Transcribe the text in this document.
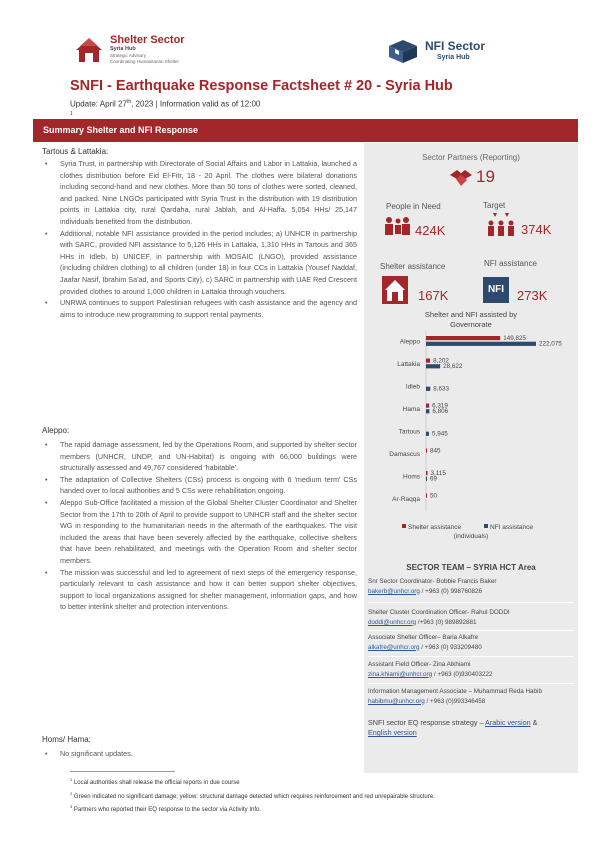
Shelter Sector
Syria Hub
Strategic Advisory
Coordinating Humanitarian Shelter
NFI Sector
Syria Hub
SNFI - Earthquake Response Factsheet # 20 - Syria Hub
Update: April 27th, 2023 | Information valid as of 12:00
1
Summary Shelter and NFI Response
Tartous & Lattakia:
• Syria Trust, in partnership with Directorate of Social Affairs and Labor in Lattakia, launched a clothes distribution before Eid El-Fitr, 18 - 20 April. The clothes were bilateral donations including second-hand and new clothes. More than 50 tons of clothes were sorted, cleaned, and packed. Nine LNGOs participated with Syria Trust in the distribution with 19 distribution points in Lattakia city, rural Qardaha, rural Jablah, and Al-Haffa. 5,054 HHs/ 25,147 individuals benefited from the distribution.
• Additional, notable NFI assistance provided in the period includes; a) UNHCR in partnership with SARC, provided NFI assistance to 5,126 HHs in Lattakia, 1,310 HHs in Tartous and 365 HHs in Idleb, b) UNICEF, in partnership with MOSAIC (LNGO), provided assistance (including children clothing) to all children (under 18) in four CCs in Lattakia (Yousef Naddaf, Jaafar Nasif, Ibrahim Sa'ad, and Sports City), c) SARC in partnership with UAE Red Crescent provided clothes to around 1,000 children in Lattakia through vouchers.
• UNRWA continues to support Palestinian refugees with cash assistance and the agency and aims to introduce new programming to support rental payments.
Aleppo:
• The rapid damage assessment, led by the Operations Room, and supported by shelter sector members (UNHCR, UNDP, and UN-Habitat) is ongoing with 66,000 buildings were structurally assessed and 49,767 considered 'habitable'.
• The adaptation of Collective Shelters (CSs) process is ongoing with 6 'medium term' CSs handed over to local authorities and 5 CSs were rehabilitation ongoing.
• Aleppo Sub-Office facilitated a mission of the Global Shelter Cluster Coordinator and Shelter Sector from the 17th to 20th of April to provide support to UNHCR staff and the shelter sector WG in responding to the humanitarian needs in the aftermath of the earthquakes. The visit included the areas that have been severely affected by the earthquake, collective shelters that have been rehabilitated, and meetings with the Operation Room and shelter sector members.
• The mission was successful and led to agreement of next steps of the emergency response, particularly relevant to cash assistance and how it can better support shelter objectives, support to local organizations assigned for shelter management, information gaps, and how to better interlink shelter and protection interventions.
Homs/ Hama:
• No significant updates.
$^1$ Local authorities shall release the official reports in due course
$^2$ Green indicated no significant damage; yellow: structural damage detected which requires reinforcement and red unrepairable structure.
$^3$ Partners who reported their EQ response to the sector via Activity Info.
Sector Partners (Reporting)
19
People in Need
424K
Target
374K
Shelter assistance
167K
NFI assistance
NFI 273K
Shelter and NFI assisted by
Governorate
Aleppo	149,825
222,075
Lattakia 8,202
28,622
Idleb 8,633
Hama 6,319
6,806
Tartous 5,945
Damascus 845
Homs 3,115
69
Ar-Raqqa 50
Shelter assistance	NFI assistance
(individuals)
SECTOR TEAM – SYRIA HCT Area
Snr Sector Coordinator- Bobbie Francis Baker
bakerb@unhcr.org / +963 (0) 998760826
Shelter Cluster Coordination Officer- Rahul DODDI
doddi@unhcr.org /+963 (0) 989892881
Associate Shelter Officer– Baria Alkafre
alkafre@unhcr.org / +963 (0) 933209480
Assistant Field Officer- Zina Alkhiami
zina.khiami@unhcr.org / +963 (0)930403222
Information Management Associate – Muhammad Reda Habib
habibmu@unhcr.org / +963 (0)993346458
SNFI sector EQ response strategy – Arabic version &
English version
